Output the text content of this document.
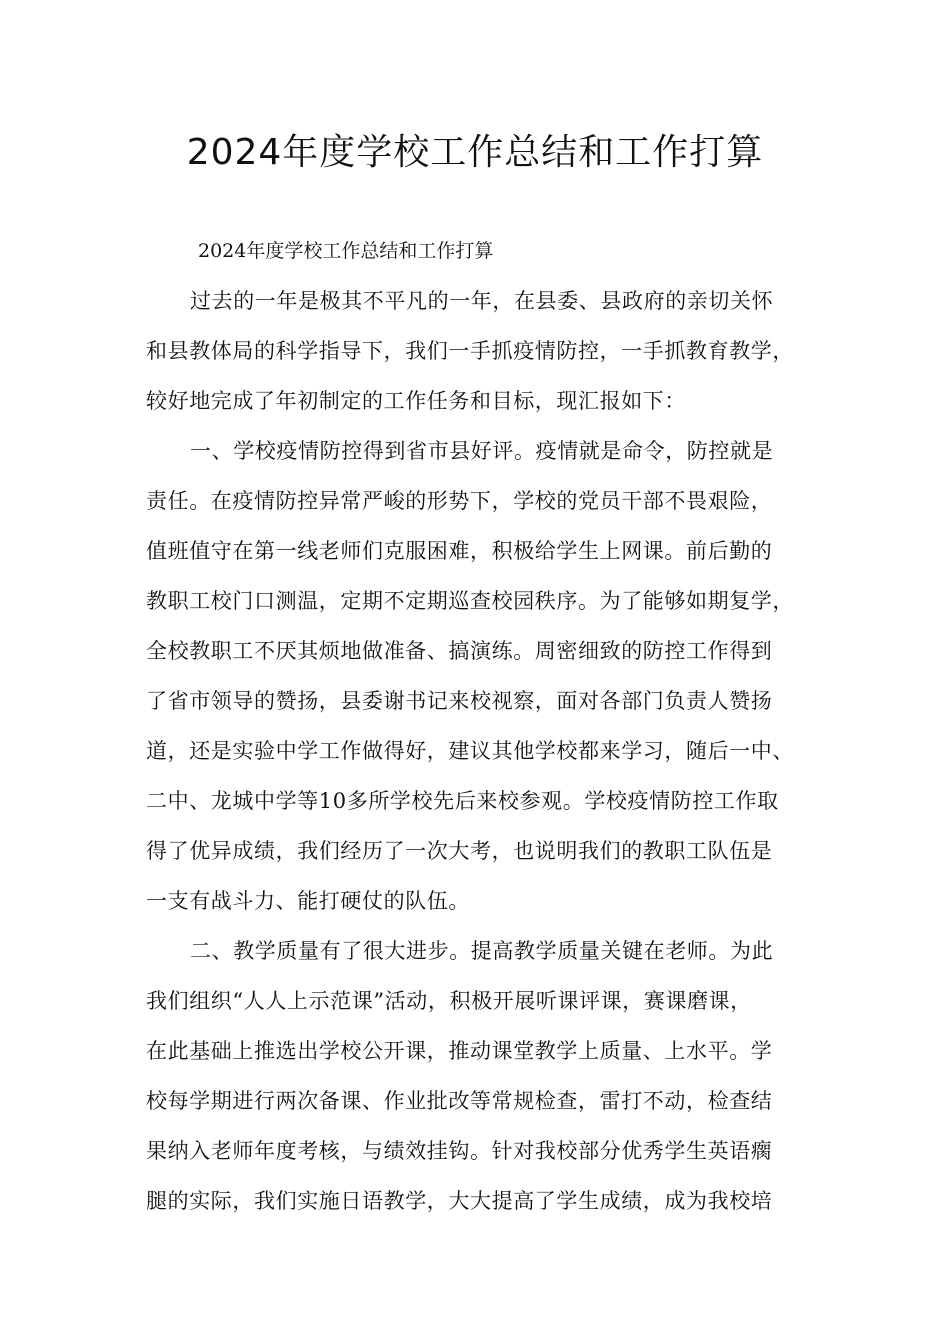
2024年度学校工作总结和工作打算

2024年度学校工作总结和工作打算

过去的一年是极其不平凡的一年，在县委、县政府的亲切关怀

和县教体局的科学指导下，我们一手抓疫情防控，一手抓教育教学，

较好地完成了年初制定的工作任务和目标，现汇报如下：

一、学校疫情防控得到省市县好评。疫情就是命令，防控就是

责任。在疫情防控异常严峻的形势下，学校的党员干部不畏艰险，

值班值守在第一线老师们克服困难，积极给学生上网课。前后勤的

教职工校门口测温，定期不定期巡查校园秩序。为了能够如期复学，

全校教职工不厌其烦地做准备、搞演练。周密细致的防控工作得到

了省市领导的赞扬，县委谢书记来校视察，面对各部门负责人赞扬

道，还是实验中学工作做得好，建议其他学校都来学习，随后一中、

二中、龙城中学等10多所学校先后来校参观。学校疫情防控工作取

得了优异成绩，我们经历了一次大考，也说明我们的教职工队伍是

一支有战斗力、能打硬仗的队伍。

二、教学质量有了很大进步。提高教学质量关键在老师。为此

我们组织“人人上示范课”活动，积极开展听课评课，赛课磨课，

在此基础上推选出学校公开课，推动课堂教学上质量、上水平。学

校每学期进行两次备课、作业批改等常规检查，雷打不动，检查结

果纳入老师年度考核，与绩效挂钩。针对我校部分优秀学生英语瘸

腿的实际，我们实施日语教学，大大提高了学生成绩，成为我校培
